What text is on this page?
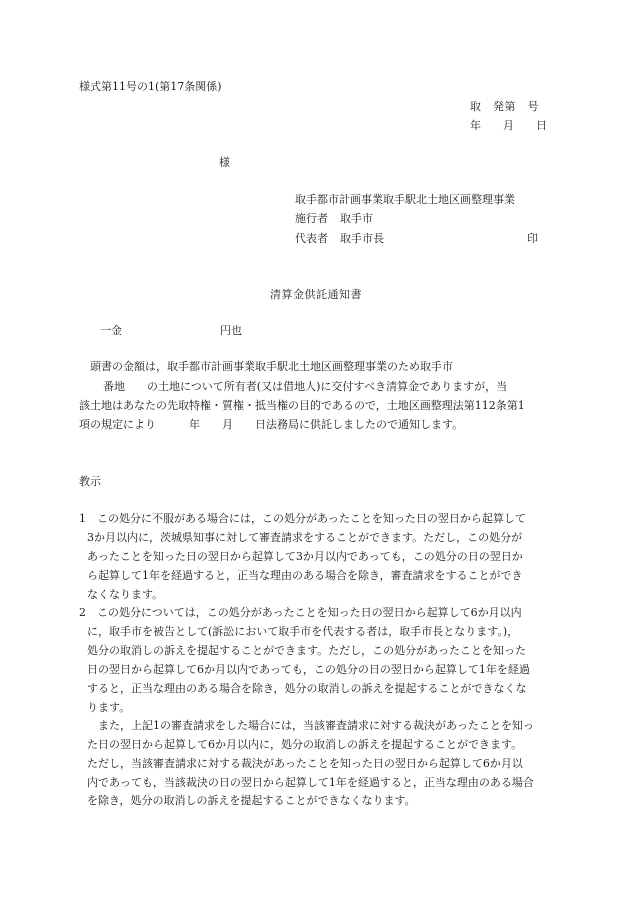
様式第11号の1(第17条関係)
取　発第　号
年　　月　　日
様
取手都市計画事業取手駅北土地区画整理事業
施行者 取手市
代表者 取手市長	印
清算金供託通知書
一金	円也
頭書の金額は，取手都市計画事業取手駅北土地区画整理事業のため取手市
番地　　の土地について所有者(又は借地人)に交付すべき清算金でありますが，当
該土地はあなたの先取特権・質権・抵当権の目的であるので，土地区画整理法第112条第1
項の規定により　　　年　　月　　日法務局に供託しましたので通知します。
教示
1　この処分に不服がある場合には，この処分があったことを知った日の翌日から起算して
3か月以内に，茨城県知事に対して審査請求をすることができます。ただし，この処分が
あったことを知った日の翌日から起算して3か月以内であっても，この処分の日の翌日か
ら起算して1年を経過すると，正当な理由のある場合を除き，審査請求をすることができ
なくなります。
2　この処分については，この処分があったことを知った日の翌日から起算して6か月以内
に，取手市を被告として(訴訟において取手市を代表する者は，取手市長となります。)，
処分の取消しの訴えを提起することができます。ただし，この処分があったことを知った
日の翌日から起算して6か月以内であっても，この処分の日の翌日から起算して1年を経過
すると，正当な理由のある場合を除き，処分の取消しの訴えを提起することができなくな
ります。
また，上記1の審査請求をした場合には，当該審査請求に対する裁決があったことを知っ
た日の翌日から起算して6か月以内に，処分の取消しの訴えを提起することができます。
ただし，当該審査請求に対する裁決があったことを知った日の翌日から起算して6か月以
内であっても，当該裁決の日の翌日から起算して1年を経過すると，正当な理由のある場合
を除き，処分の取消しの訴えを提起することができなくなります。
